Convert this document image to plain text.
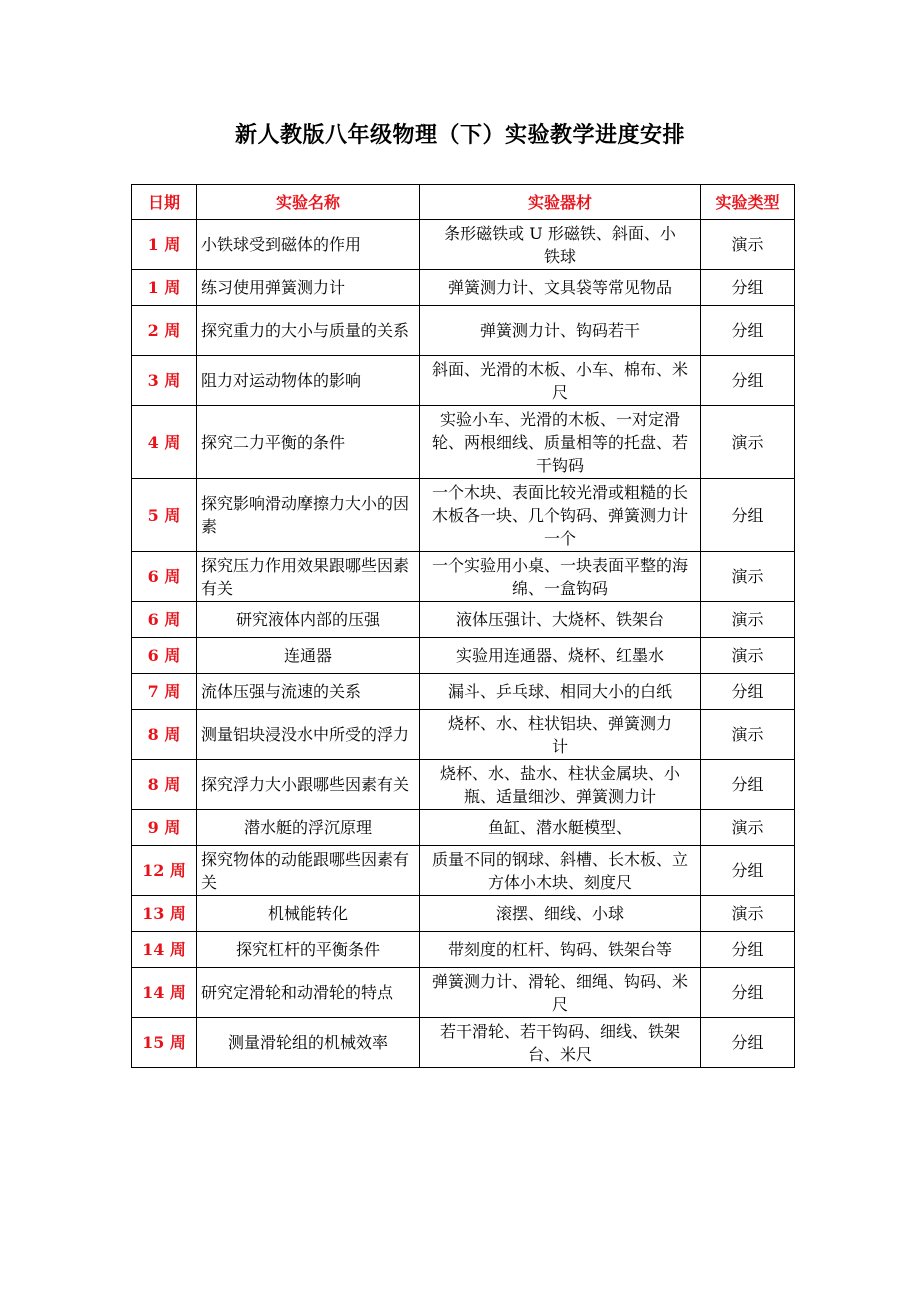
新人教版八年级物理（下）实验教学进度安排
日期	实验名称	实验器材	实验类型

1 周	小铁球受到磁体的作用	条形磁铁或 U 形磁铁、斜面、小铁球	演示

1 周	练习使用弹簧测力计	弹簧测力计、文具袋等常见物品	分组

2 周	探究重力的大小与质量的关系	弹簧测力计、钩码若干	分组

3 周	阻力对运动物体的影响	斜面、光滑的木板、小车、棉布、米尺	分组

4 周	探究二力平衡的条件	实验小车、光滑的木板、一对定滑轮、两根细线、质量相等的托盘、若干钩码	演示

5 周	探究影响滑动摩擦力大小的因素	一个木块、表面比较光滑或粗糙的长木板各一块、几个钩码、弹簧测力计一个	分组

6 周	探究压力作用效果跟哪些因素有关	一个实验用小桌、一块表面平整的海绵、一盒钩码	演示

6 周	研究液体内部的压强	液体压强计、大烧杯、铁架台	演示

6 周	连通器	实验用连通器、烧杯、红墨水	演示

7 周	流体压强与流速的关系	漏斗、乒乓球、相同大小的白纸	分组

8 周	测量铝块浸没水中所受的浮力	烧杯、水、柱状铝块、弹簧测力计	演示

8 周	探究浮力大小跟哪些因素有关	烧杯、水、盐水、柱状金属块、小瓶、适量细沙、弹簧测力计	分组

9 周	潜水艇的浮沉原理	鱼缸、潜水艇模型、	演示

12 周	探究物体的动能跟哪些因素有关	质量不同的钢球、斜槽、长木板、立方体小木块、刻度尺	分组

13 周	机械能转化	滚摆、细线、小球	演示

14 周	探究杠杆的平衡条件	带刻度的杠杆、钩码、铁架台等	分组

14 周	研究定滑轮和动滑轮的特点	弹簧测力计、滑轮、细绳、钩码、米尺	分组

15 周	测量滑轮组的机械效率	若干滑轮、若干钩码、细线、铁架台、米尺	分组
